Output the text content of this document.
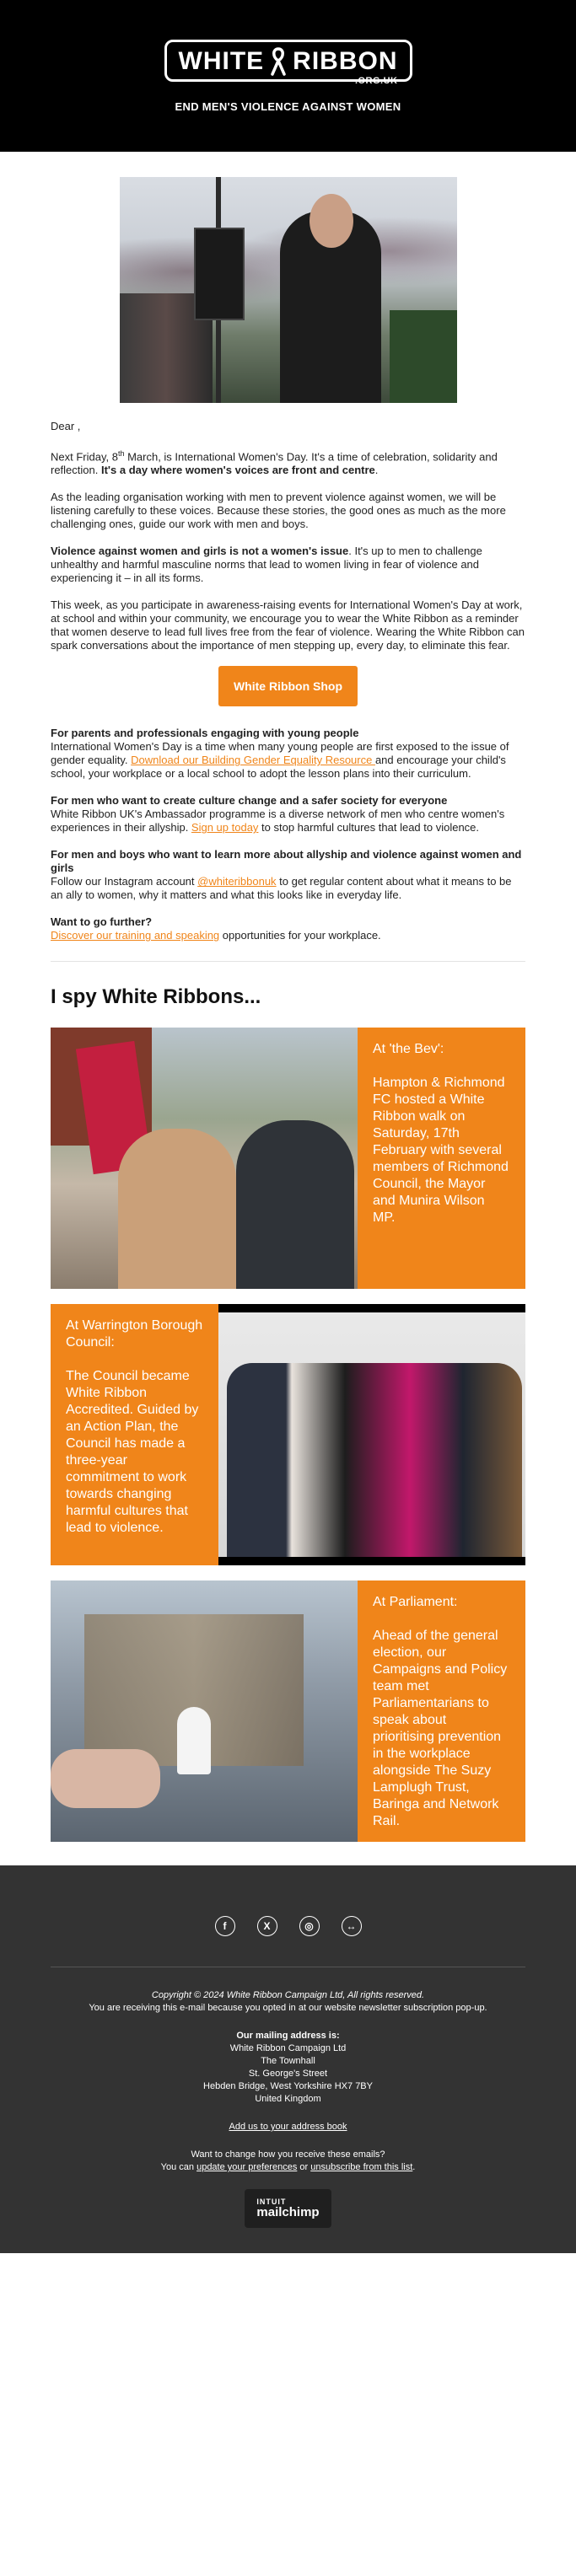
WHITE RIBBON
.ORG.UK
END MEN'S VIOLENCE AGAINST WOMEN

Dear ,

Next Friday, 8th March, is International Women's Day. It's a time of celebration, solidarity and reflection. It's a day where women's voices are front and centre.

As the leading organisation working with men to prevent violence against women, we will be listening carefully to these voices. Because these stories, the good ones as much as the more challenging ones, guide our work with men and boys.

Violence against women and girls is not a women's issue. It's up to men to challenge unhealthy and harmful masculine norms that lead to women living in fear of violence and experiencing it – in all its forms.

This week, as you participate in awareness-raising events for International Women's Day at work, at school and within your community, we encourage you to wear the White Ribbon as a reminder that women deserve to lead full lives free from the fear of violence. Wearing the White Ribbon can spark conversations about the importance of men stepping up, every day, to eliminate this fear.

White Ribbon Shop
For parents and professionals engaging with young people

International Women's Day is a time when many young people are first exposed to the issue of gender equality. Download our Building Gender Equality Resource and encourage your child's school, your workplace or a local school to adopt the lesson plans into their curriculum.

For men who want to create culture change and a safer society for everyone

White Ribbon UK's Ambassador programme is a diverse network of men who centre women's experiences in their allyship. Sign up today to stop harmful cultures that lead to violence.

For men and boys who want to learn more about allyship and violence against women and girls

Follow our Instagram account @whiteribbonuk to get regular content about what it means to be an ally to women, why it matters and what this looks like in everyday life.

Want to go further?

Discover our training and speaking opportunities for your workplace.

I spy White Ribbons...
At 'the Bev':
Hampton & Richmond FC hosted a White Ribbon walk on Saturday, 17th February with several members of Richmond Council, the Mayor and Munira Wilson MP.
At Warrington Borough Council:
The Council became White Ribbon Accredited. Guided by an Action Plan, the Council has made a three-year commitment to work towards changing harmful cultures that lead to violence.
At Parliament:
Ahead of the general election, our Campaigns and Policy team met Parliamentarians to speak about prioritising prevention in the workplace alongside The Suzy Lamplugh Trust, Baringa and Network Rail.
f	X	◎	↔

Copyright © 2024 White Ribbon Campaign Ltd, All rights reserved.

You are receiving this e-mail because you opted in at our website newsletter subscription pop-up.

Our mailing address is:

White Ribbon Campaign Ltd

The Townhall

St. George's Street

Hebden Bridge, West Yorkshire HX7 7BY

United Kingdom

Add us to your address book

Want to change how you receive these emails?

You can update your preferences or unsubscribe from this list.

INTUIT
mailchimp
